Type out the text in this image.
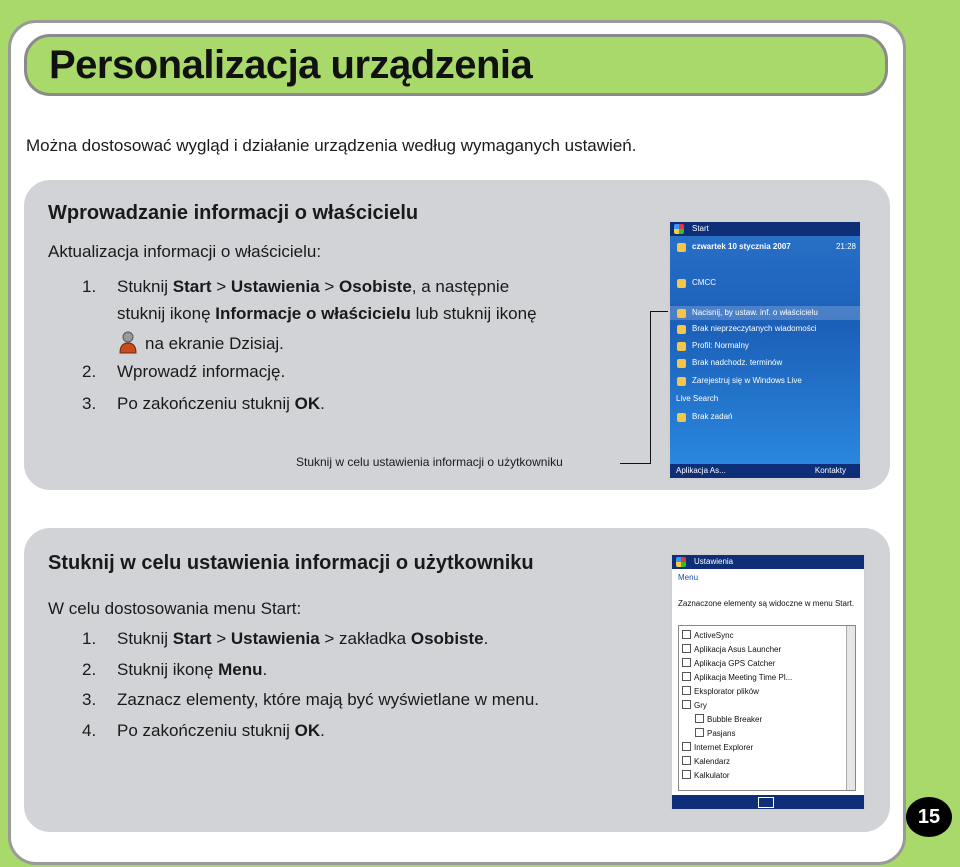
Personalizacja urządzenia
Można dostosować wygląd i działanie urządzenia według wymaganych ustawień.
Wprowadzanie informacji o właścicielu
Aktualizacja informacji o właścicielu:
1. Stuknij Start > Ustawienia > Osobiste, a następnie
stuknij ikonę Informacje o właścicielu lub stuknij ikonę
na ekranie Dzisiaj.
2. Wprowadź informację.
3. Po zakończeniu stuknij OK.
Stuknij w celu ustawienia informacji o użytkowniku
Start
czwartek 10 stycznia 2007	21:28
CMCC
Nacisnij, by ustaw. inf. o właścicielu
Brak nieprzeczytanych wiadomości
Profil: Normalny
Brak nadchodz. terminów
Zarejestruj się w Windows Live
Live Search
Brak zadań
Aplikacja As...	Kontakty
Stuknij w celu ustawienia informacji o użytkowniku
W celu dostosowania menu Start:
1. Stuknij Start > Ustawienia > zakładka Osobiste.
2. Stuknij ikonę Menu.
3. Zaznacz elementy, które mają być wyświetlane w menu.
4. Po zakończeniu stuknij OK.
Ustawienia
Menu
Zaznaczone elementy są widoczne w menu Start.
ActiveSync
Aplikacja Asus Launcher
Aplikacja GPS Catcher
Aplikacja Meeting Time Pl...
Eksplorator plików
Gry
Bubble Breaker
Pasjans
Internet Explorer
Kalendarz
Kalkulator
15
